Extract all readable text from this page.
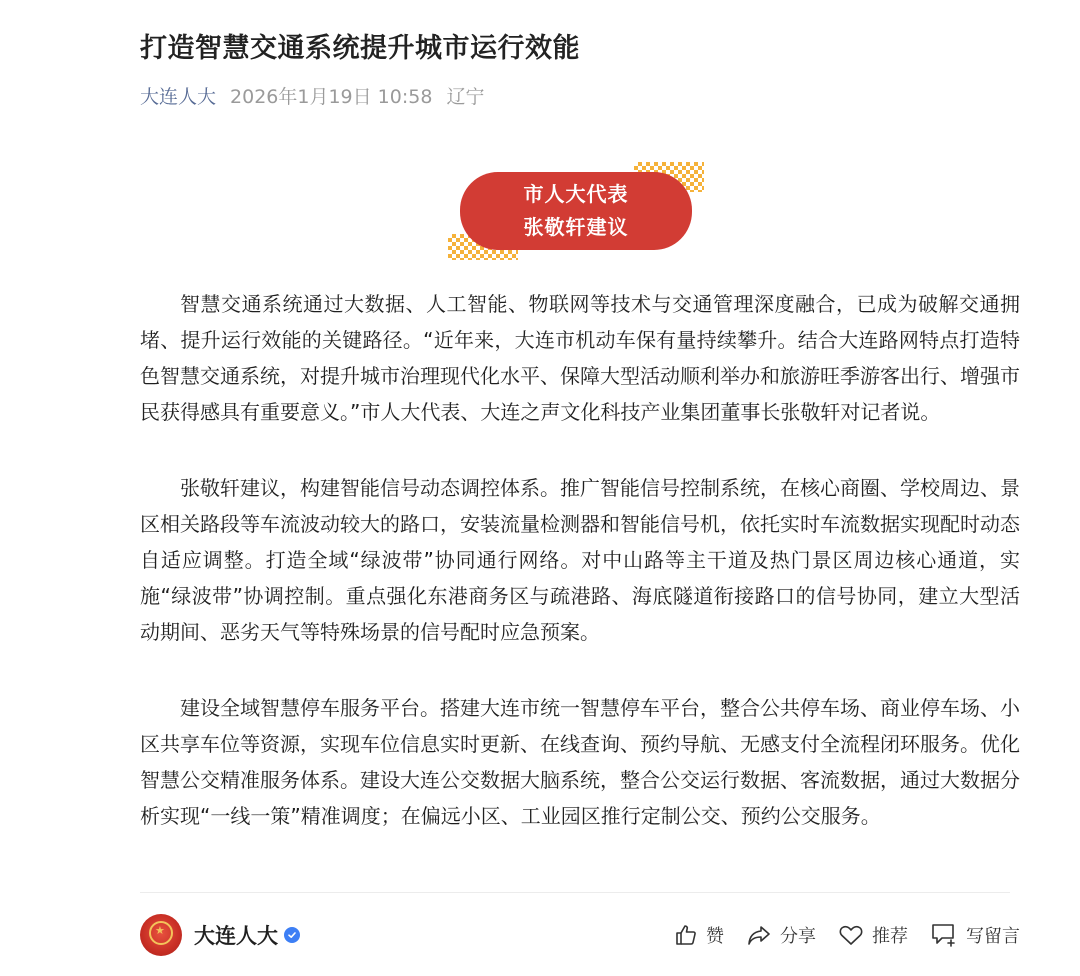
打造智慧交通系统提升城市运行效能
大连人大 2026年1月19日 10:58 辽宁
市人大代表
张敬轩建议

智慧交通系统通过大数据、人工智能、物联网等技术与交通管理深度融合，已成为破解交通拥堵、提升运行效能的关键路径。“近年来，大连市机动车保有量持续攀升。结合大连路网特点打造特色智慧交通系统，对提升城市治理现代化水平、保障大型活动顺利举办和旅游旺季游客出行、增强市民获得感具有重要意义。”市人大代表、大连之声文化科技产业集团董事长张敬轩对记者说。

张敬轩建议，构建智能信号动态调控体系。推广智能信号控制系统，在核心商圈、学校周边、景区相关路段等车流波动较大的路口，安装流量检测器和智能信号机，依托实时车流数据实现配时动态自适应调整。打造全域“绿波带”协同通行网络。对中山路等主干道及热门景区周边核心通道，实施“绿波带”协调控制。重点强化东港商务区与疏港路、海底隧道衔接路口的信号协同，建立大型活动期间、恶劣天气等特殊场景的信号配时应急预案。

建设全域智慧停车服务平台。搭建大连市统一智慧停车平台，整合公共停车场、商业停车场、小区共享车位等资源，实现车位信息实时更新、在线查询、预约导航、无感支付全流程闭环服务。优化智慧公交精准服务体系。建设大连公交数据大脑系统，整合公交运行数据、客流数据，通过大数据分析实现“一线一策”精准调度；在偏远小区、工业园区推行定制公交、预约公交服务。

★ 大连人大	赞	分享	推荐	写留言
